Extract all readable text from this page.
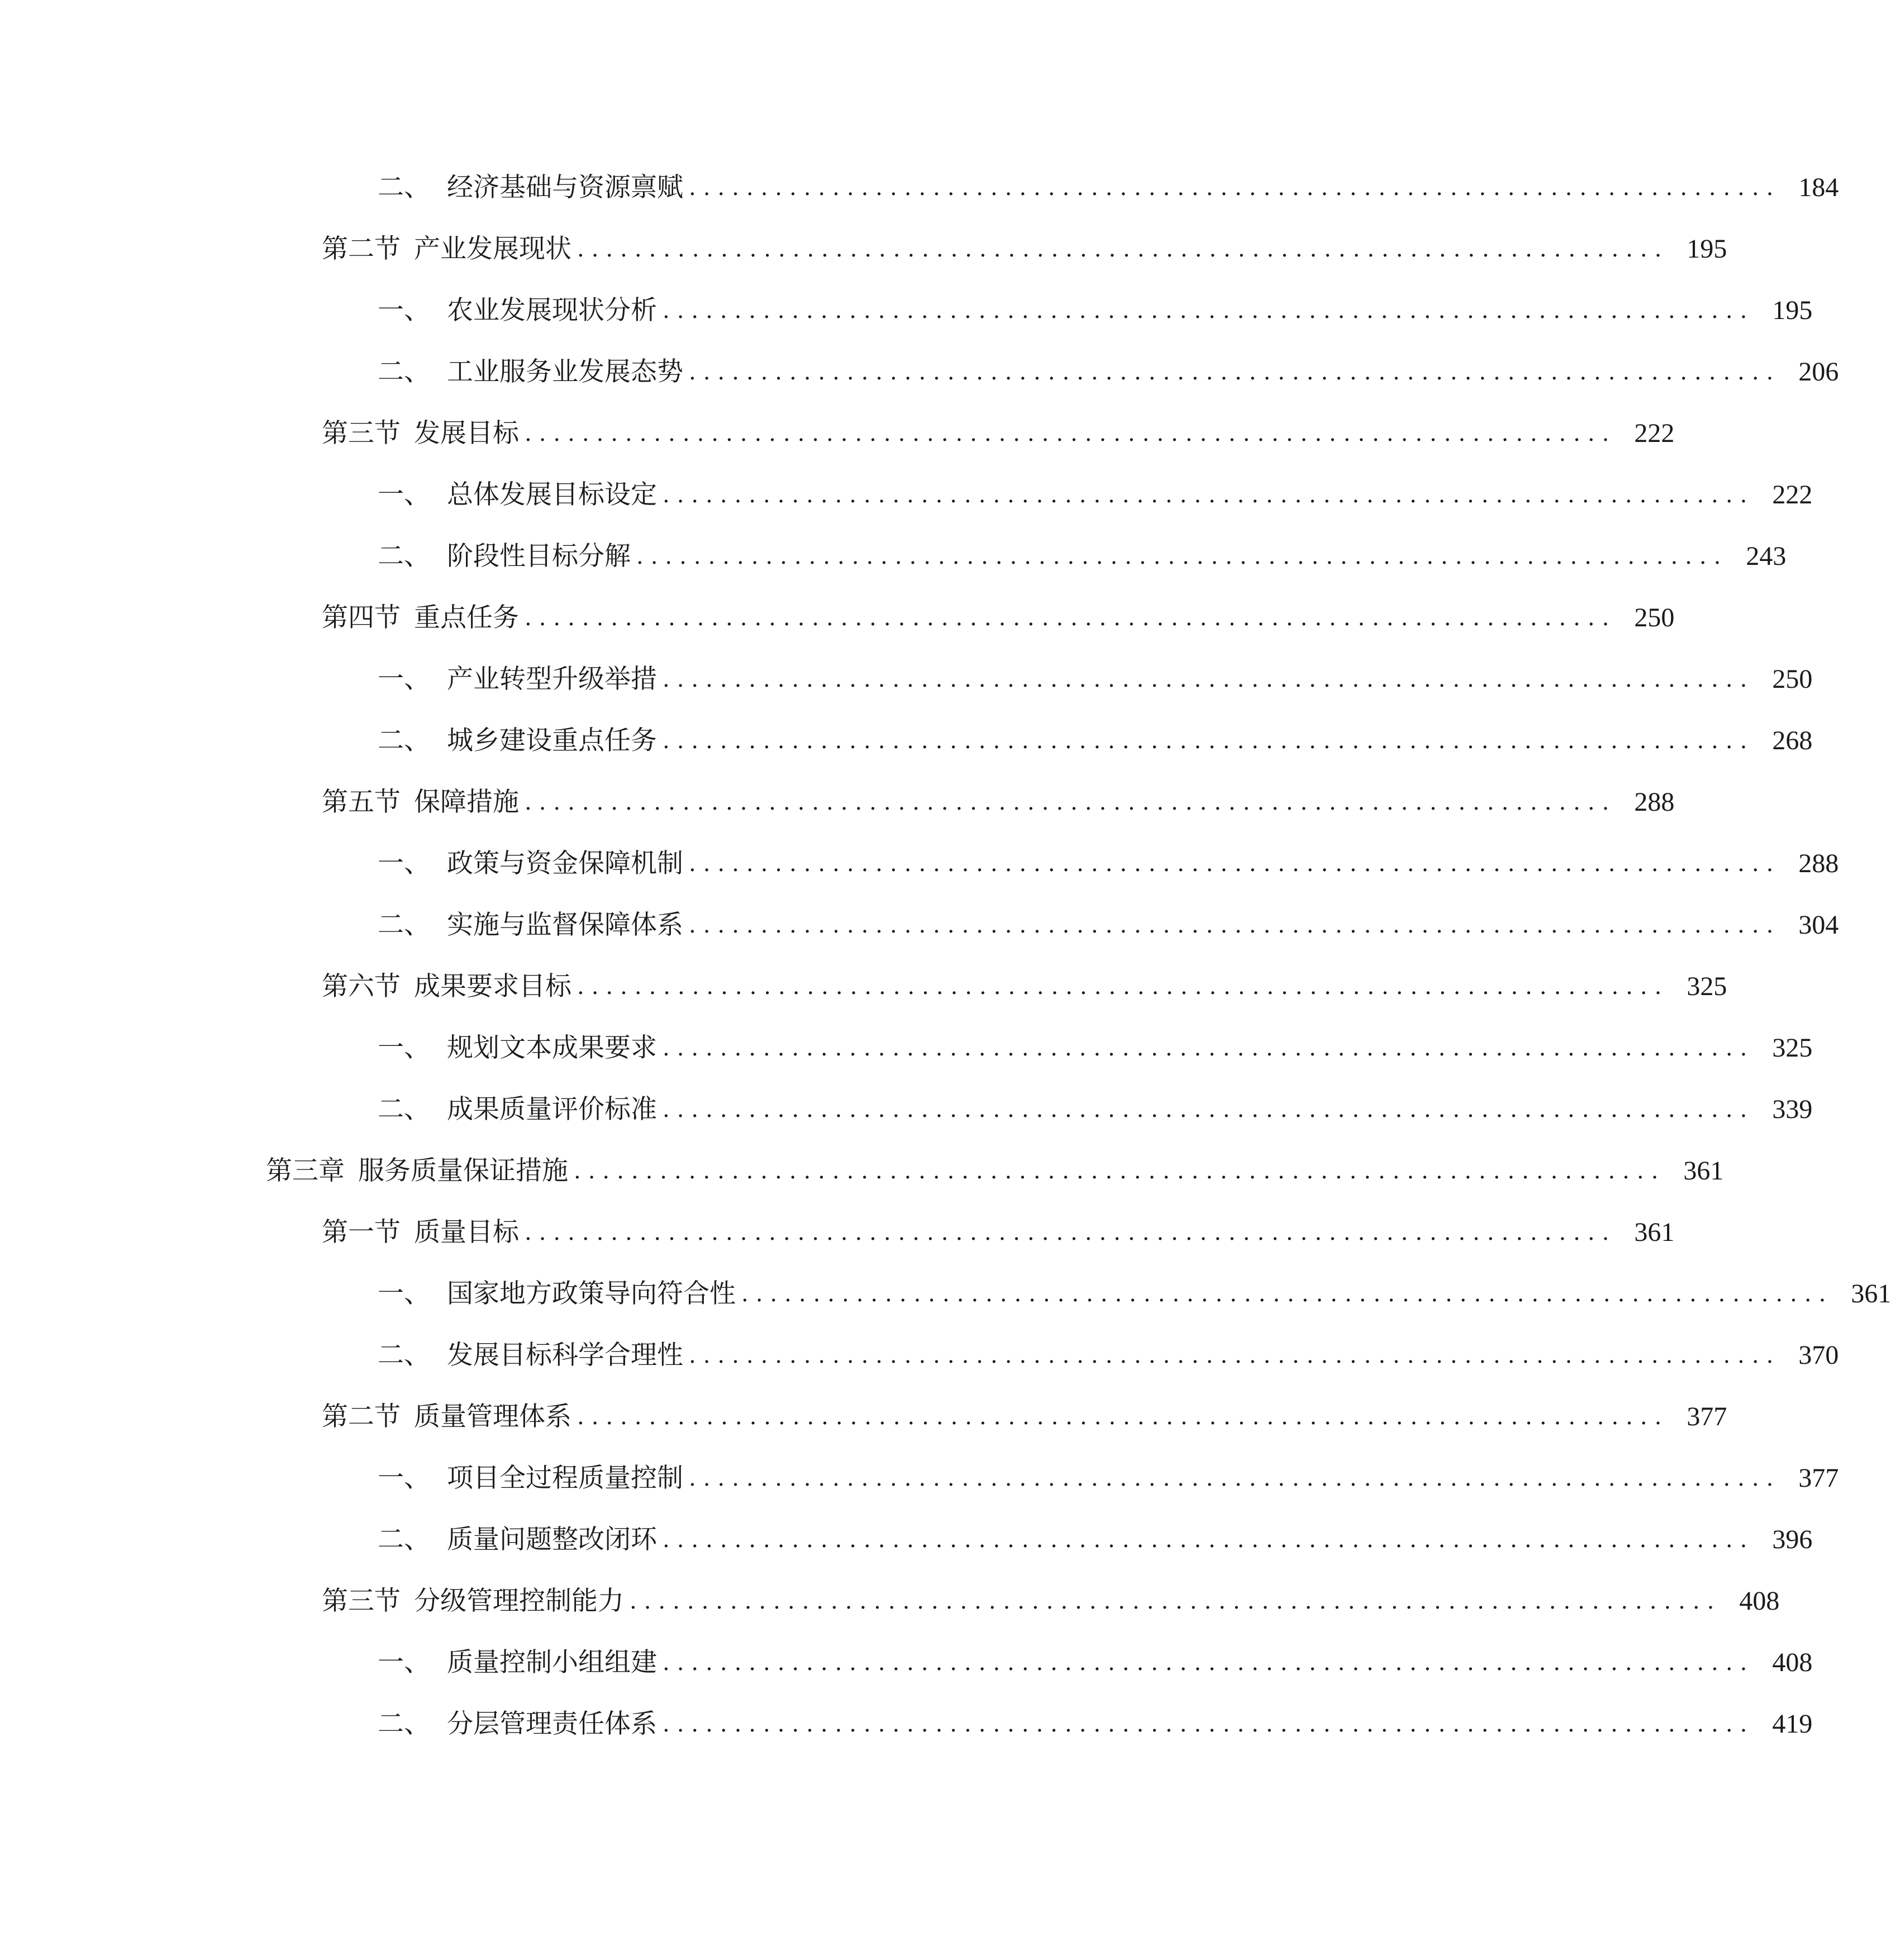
二、 经济基础与资源禀赋 ............................................................................ 184
第二节 产业发展现状 ............................................................................ 195
一、 农业发展现状分析 ............................................................................ 195
二、 工业服务业发展态势 ............................................................................ 206
第三节 发展目标 ............................................................................ 222
一、 总体发展目标设定 ............................................................................ 222
二、 阶段性目标分解 ............................................................................ 243
第四节 重点任务 ............................................................................ 250
一、 产业转型升级举措 ............................................................................ 250
二、 城乡建设重点任务 ............................................................................ 268
第五节 保障措施 ............................................................................ 288
一、 政策与资金保障机制 ............................................................................ 288
二、 实施与监督保障体系 ............................................................................ 304
第六节 成果要求目标 ............................................................................ 325
一、 规划文本成果要求 ............................................................................ 325
二、 成果质量评价标准 ............................................................................ 339
第三章 服务质量保证措施 ............................................................................ 361
第一节 质量目标 ............................................................................ 361
一、 国家地方政策导向符合性 ............................................................................ 361
二、 发展目标科学合理性 ............................................................................ 370
第二节 质量管理体系 ............................................................................ 377
一、 项目全过程质量控制 ............................................................................ 377
二、 质量问题整改闭环 ............................................................................ 396
第三节 分级管理控制能力 ............................................................................ 408
一、 质量控制小组组建 ............................................................................ 408
二、 分层管理责任体系 ............................................................................ 419
